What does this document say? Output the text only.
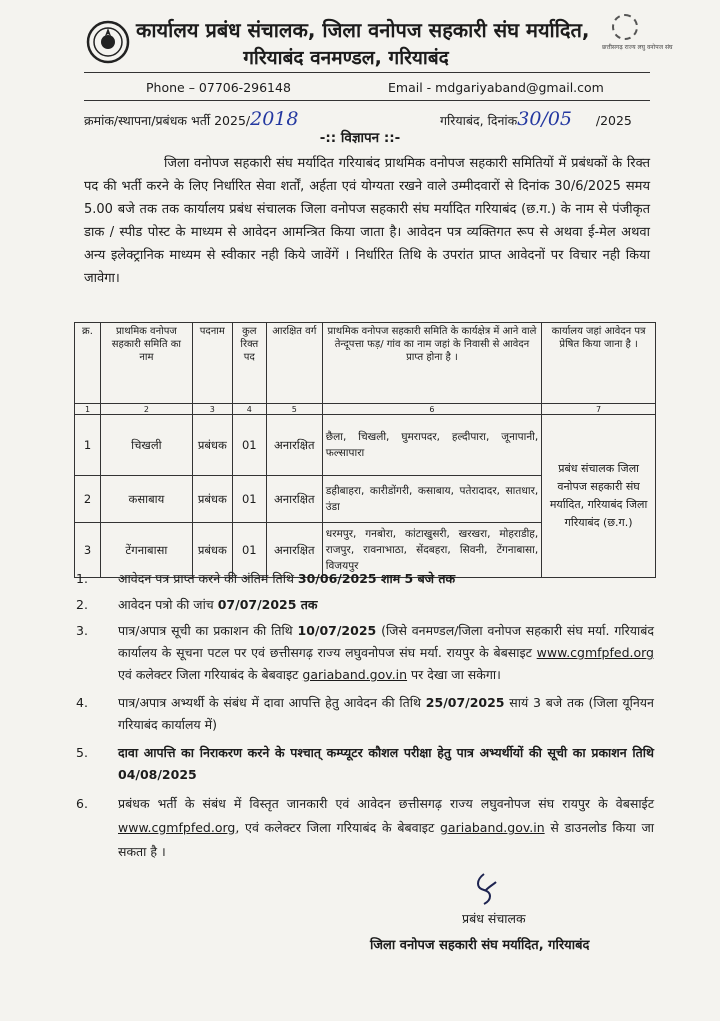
कार्यालय प्रबंध संचालक, जिला वनोपज सहकारी संघ मर्यादित,
गरियाबंद वनमण्डल, गरियाबंद	छत्तीसगढ़ राज्य लघु वनोपज संघ
Phone – 07706-296148	Email - mdgariyaband@gmail.com
क्रमांक/स्थापना/प्रबंधक भर्ती 2025/2018	गरियाबंद, दिनांक30/05 /2025
-:: विज्ञापन ::-
जिला वनोपज सहकारी संघ मर्यादित गरियाबंद प्राथमिक वनोपज सहकारी समितियों में प्रबंधकों के रिक्त पद की भर्ती करने के लिए निर्धारित सेवा शर्तों, अर्हता एवं योग्यता रखने वाले उम्मीदवारों से दिनांक 30/6/2025 समय 5.00 बजे तक तक कार्यालय प्रबंध संचालक जिला वनोपज सहकारी संघ मर्यादित गरियाबंद (छ.ग.) के नाम से पंजीकृत डाक / स्पीड पोस्ट के माध्यम से आवेदन आमन्त्रित किया जाता है। आवेदन पत्र व्यक्तिगत रूप से अथवा ई-मेल अथवा अन्य इलेक्ट्रानिक माध्यम से स्वीकार नही किये जावेंगें । निर्धारित तिथि के उपरांत प्राप्त आवेदनों पर विचार नही किया जावेगा।
क्र.	प्राथमिक वनोपज सहकारी समिति का नाम	पदनाम	कुल रिक्त पद	आरक्षित वर्ग	प्राथमिक वनोपज सहकारी समिति के कार्यक्षेत्र में आने वाले तेन्दूपत्ता फड़/ गांव का नाम जहां के निवासी से आवेदन प्राप्त होना है ।	कार्यालय जहां आवेदन पत्र प्रेषित किया जाना है ।
1	2	3	4	5	6	7
1	चिखली	प्रबंधक	01	अनारक्षित	छैला, चिखली, घुमरापदर, हल्दीपारा, जूनापानी, फल्सापारा	प्रबंध संचालक जिला वनोपज सहकारी संघ मर्यादित, गरियाबंद जिला गरियाबंद (छ.ग.)
2	कसाबाय	प्रबंधक	01	अनारक्षित	डहीबाहरा, कारीडोंगरी, कसाबाय, पतेरादादर, सातधार, उंडा	
3	टेंगनाबासा	प्रबंधक	01	अनारक्षित	धरमपुर, गनबोरा, कांटाखुसरी, खरखरा, मोहराडीह, राजपुर, रावनाभाठा, सेंदबहरा, सिवनी, टेंगनाबासा, विजयपुर	
1. आवेदन पत्र प्राप्त करने की अंतिम तिथि 30/06/2025 शाम 5 बजे तक
2. आवेदन पत्रो की जांच 07/07/2025 तक
3. पात्र/अपात्र सूची का प्रकाशन की तिथि 10/07/2025 (जिसे वनमण्डल/जिला वनोपज सहकारी संघ मर्या. गरियाबंद कार्यालय के सूचना पटल पर एवं छत्तीसगढ़ राज्य लघुवनोपज संघ मर्या. रायपुर के बेबसाइट www.cgmfpfed.org एवं कलेक्टर जिला गरियाबंद के बेबवाइट gariaband.gov.in पर देखा जा सकेगा।
4. पात्र/अपात्र अभ्यर्थी के संबंध में दावा आपत्ति हेतु आवेदन की तिथि 25/07/2025 सायं 3 बजे तक (जिला यूनियन गरियाबंद कार्यालय में)
5. दावा आपत्ति का निराकरण करने के पश्चात् कम्प्यूटर कौशल परीक्षा हेतु पात्र अभ्यर्थीयों की सूची का प्रकाशन तिथि 04/08/2025
6. प्रबंधक भर्ती के संबंध में विस्तृत जानकारी एवं आवेदन छत्तीसगढ़ राज्य लघुवनोपज संघ रायपुर के वेबसाईट www.cgmfpfed.org, एवं कलेक्टर जिला गरियाबंद के बेबवाइट gariaband.gov.in से डाउनलोड किया जा सकता है ।
प्रबंध संचालक
जिला वनोपज सहकारी संघ मर्यादित, गरियाबंद
